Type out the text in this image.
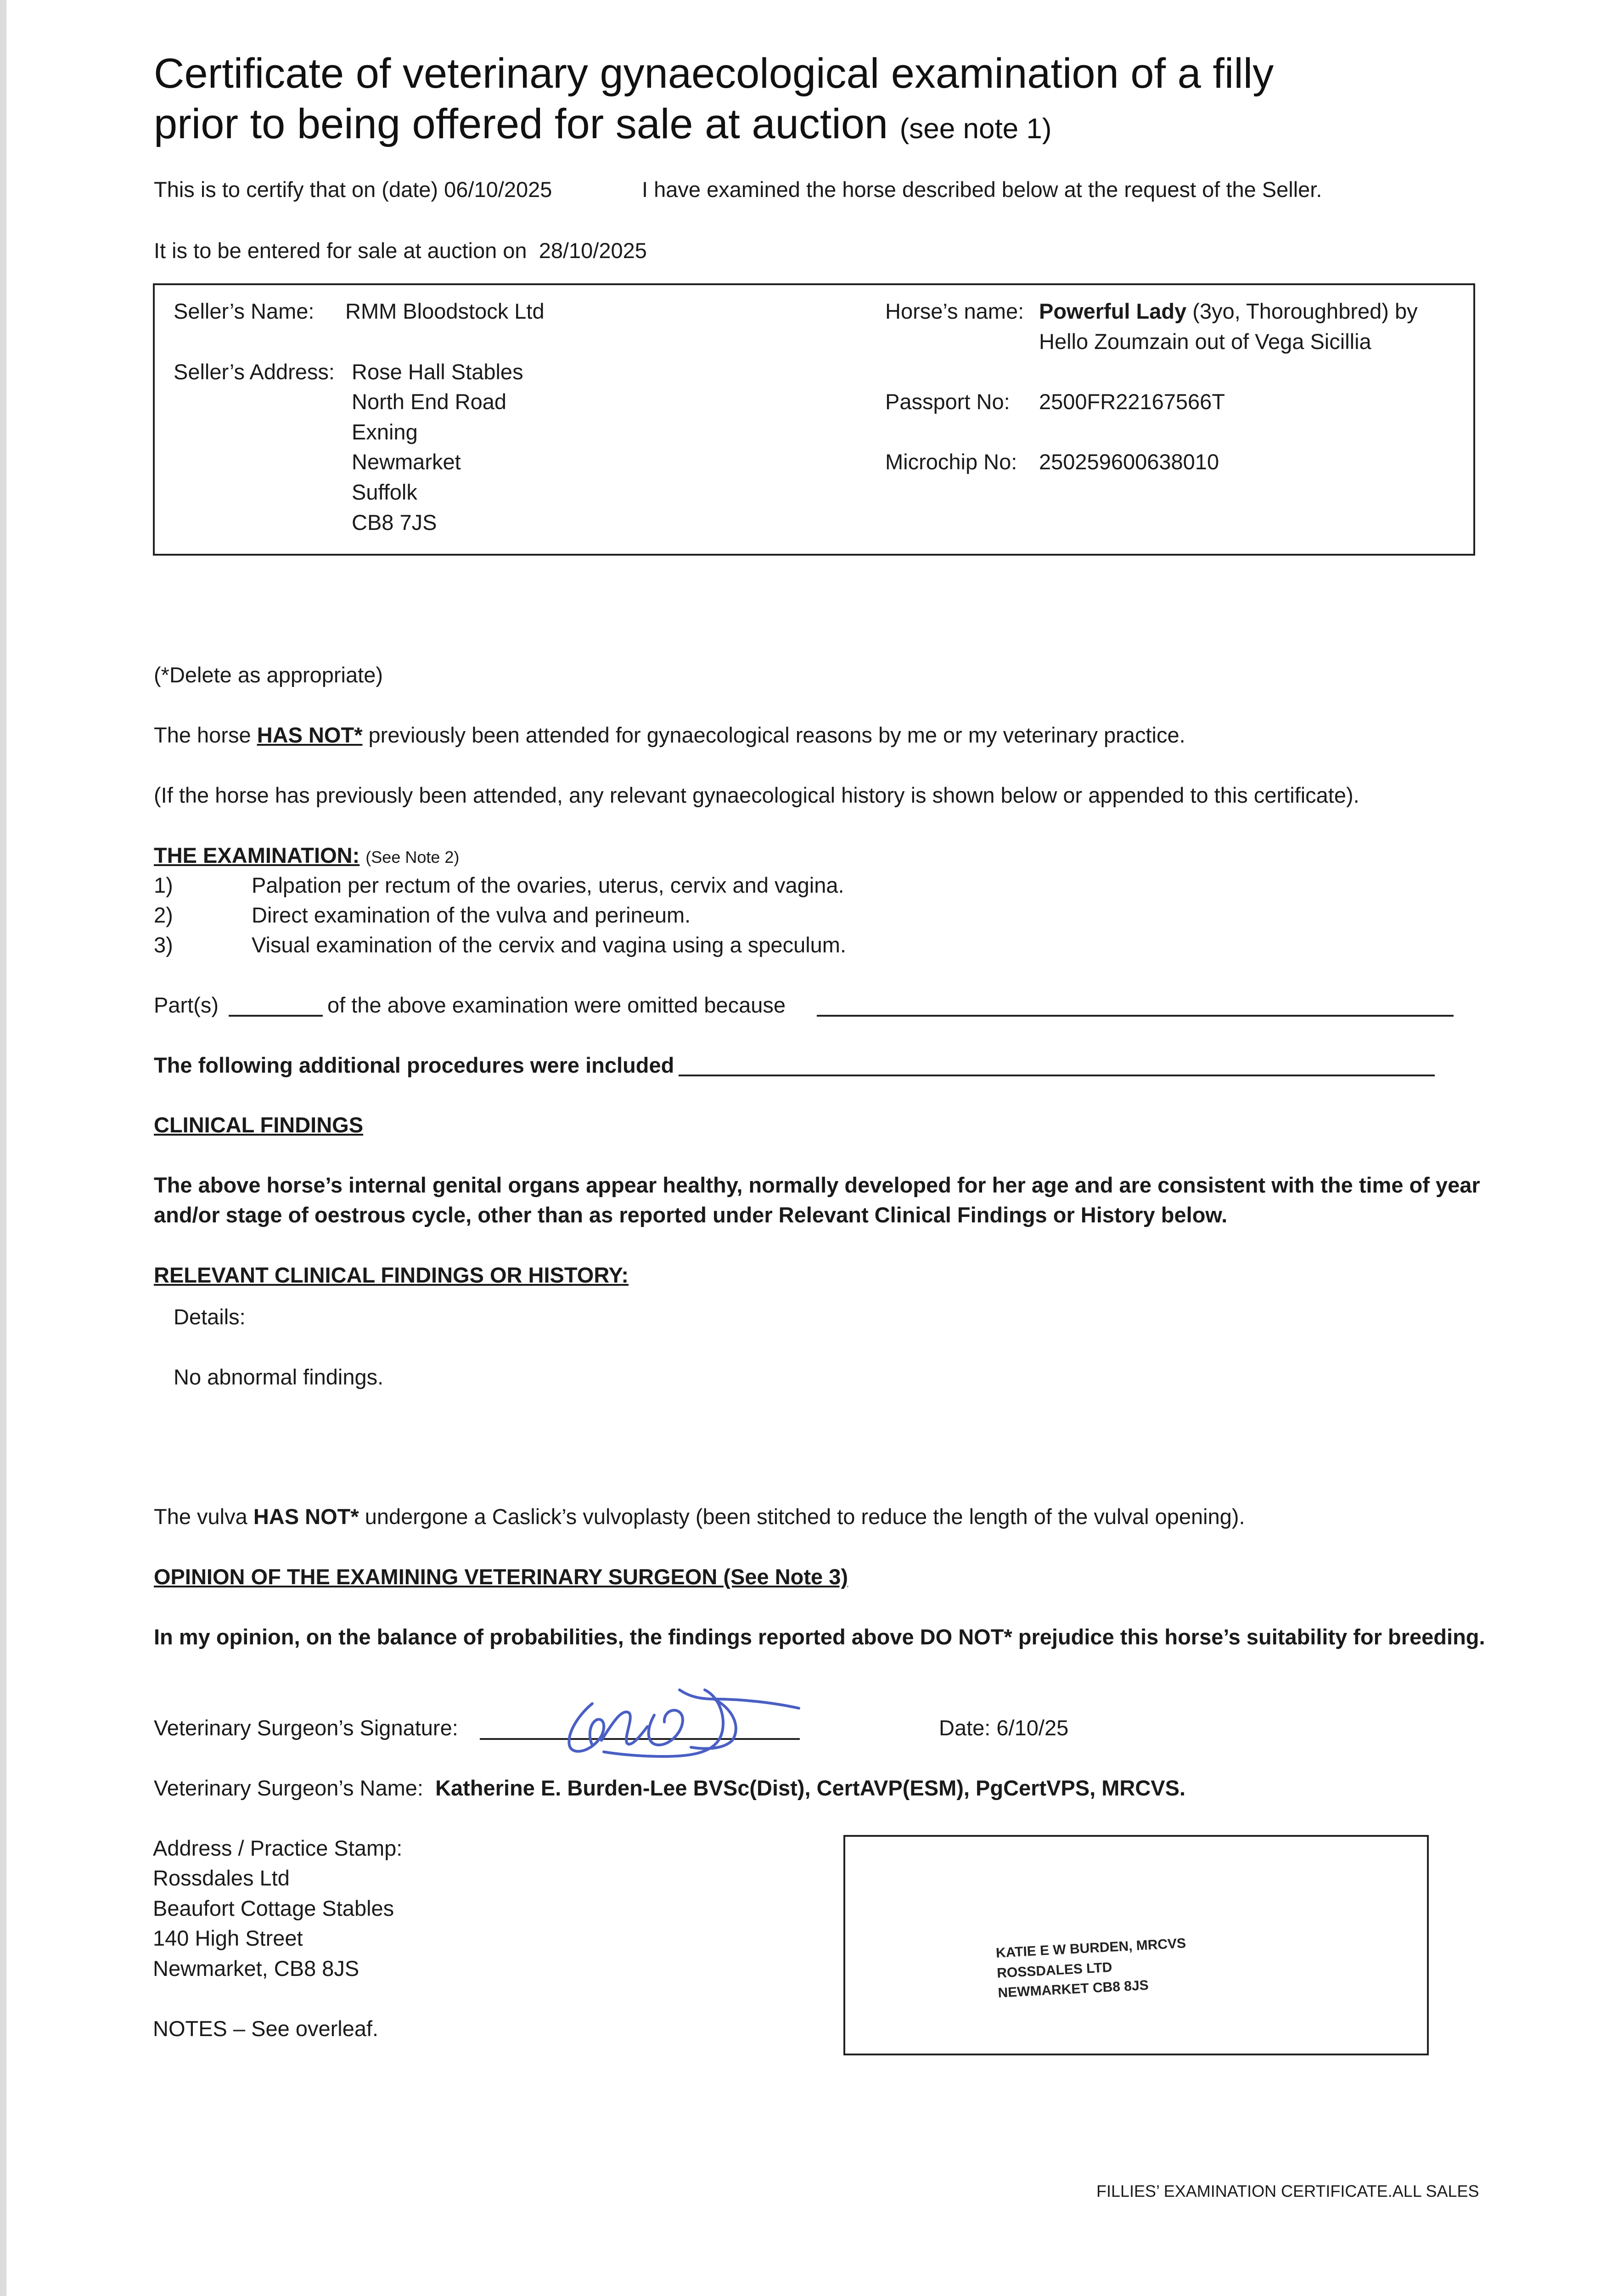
Certificate of veterinary gynaecological examination of a filly
prior to being offered for sale at auction (see note 1)
This is to certify that on (date) 06/10/2025	I have examined the horse described below at the request of the Seller.
It is to be entered for sale at auction on 28/10/2025
Seller’s Name: RMM Bloodstock Ltd
Seller’s Address: Rose Hall Stables
North End Road
Exning
Newmarket
Suffolk
CB8 7JS
Horse’s name: Powerful Lady (3yo, Thoroughbred) by
Hello Zoumzain out of Vega Sicillia
Passport No: 2500FR22167566T
Microchip No: 250259600638010
(*Delete as appropriate)
The horse HAS NOT* previously been attended for gynaecological reasons by me or my veterinary practice.
(If the horse has previously been attended, any relevant gynaecological history is shown below or appended to this certificate).
THE EXAMINATION: (See Note 2)
1)	Palpation per rectum of the ovaries, uterus, cervix and vagina.
2)	Direct examination of the vulva and perineum.
3)	Visual examination of the cervix and vagina using a speculum.
Part(s)	of the above examination were omitted because
The following additional procedures were included
CLINICAL FINDINGS
The above horse’s internal genital organs appear healthy, normally developed for her age and are consistent with the time of year
and/or stage of oestrous cycle, other than as reported under Relevant Clinical Findings or History below.
RELEVANT CLINICAL FINDINGS OR HISTORY:
Details:
No abnormal findings.
The vulva HAS NOT* undergone a Caslick’s vulvoplasty (been stitched to reduce the length of the vulval opening).
OPINION OF THE EXAMINING VETERINARY SURGEON (See Note 3)
In my opinion, on the balance of probabilities, the findings reported above DO NOT* prejudice this horse’s suitability for breeding.
Veterinary Surgeon’s Signature:	Date: 6/10/25
Veterinary Surgeon’s Name: Katherine E. Burden-Lee BVSc(Dist), CertAVP(ESM), PgCertVPS, MRCVS.
Address / Practice Stamp:
Rossdales Ltd
Beaufort Cottage Stables
140 High Street
Newmarket, CB8 8JS
NOTES – See overleaf.
KATIE E W BURDEN, MRCVS
ROSSDALES LTD
NEWMARKET CB8 8JS
FILLIES’ EXAMINATION CERTIFICATE.ALL SALES
